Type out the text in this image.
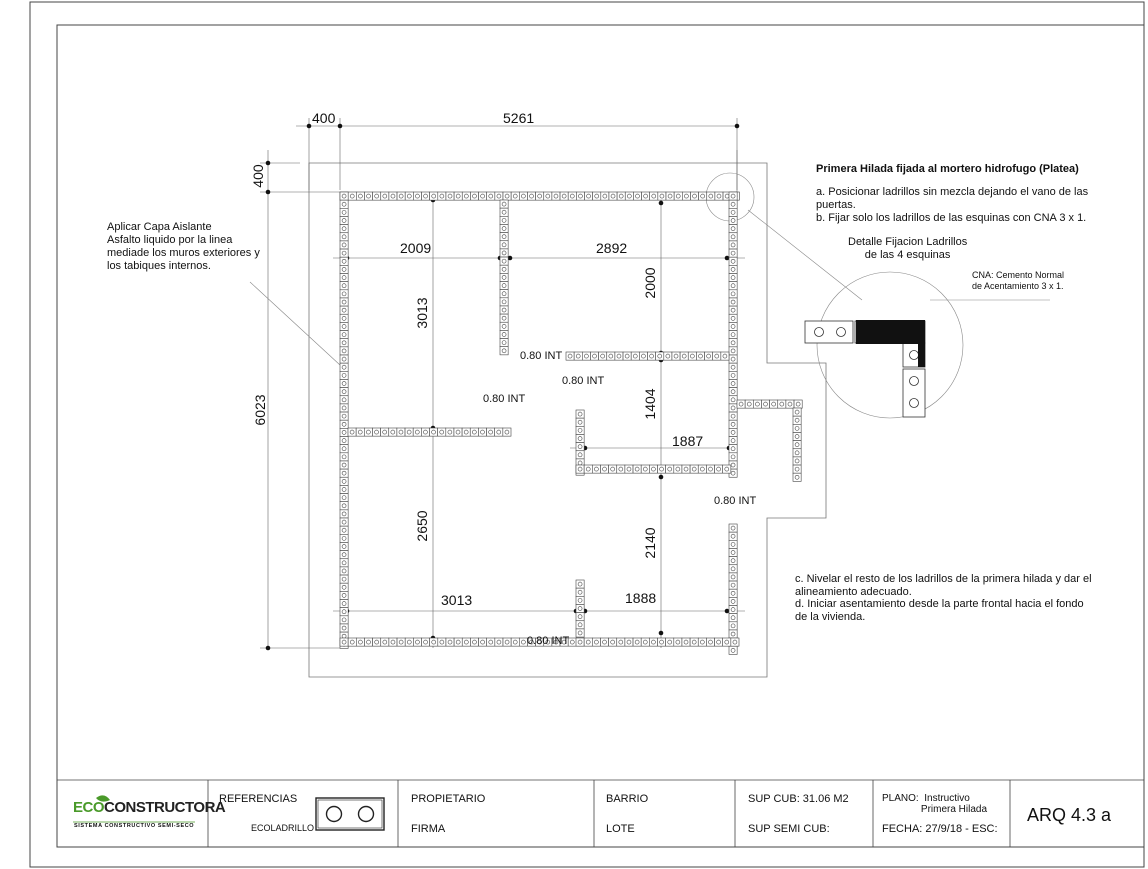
400	5261
400
6023
2009	2892
3013
2000
1404
1887
2650
2140
3013	1888
0.80 INT
0.80 INT
0.80 INT
0.80 INT
0.80 INT
Aplicar Capa Aislante
Asfalto liquido por la linea
mediade los muros exteriores y
los tabiques internos.
Primera Hilada fijada al mortero hidrofugo (Platea)
a. Posicionar ladrillos sin mezcla dejando el vano de las
puertas.
b. Fijar solo los ladrillos de las esquinas con CNA 3 x 1.
Detalle Fijacion Ladrillos
de las 4 esquinas
CNA: Cemento Normal
de Acentamiento 3 x 1.
c. Nivelar el resto de los ladrillos de la primera hilada y dar el
alineamiento adecuado.
d. Iniciar asentamiento desde la parte frontal hacia el fondo
de la vivienda.
ECOCONSTRUCTORA
SISTEMA CONSTRUCTIVO SEMI-SECO
REFERENCIAS
ECOLADRILLO
PROPIETARIO
FIRMA
BARRIO
LOTE
SUP CUB: 31.06 M2
SUP SEMI CUB:
PLANO:  Instructivo
Primera Hilada
FECHA: 27/9/18 - ESC:
ARQ 4.3 a
